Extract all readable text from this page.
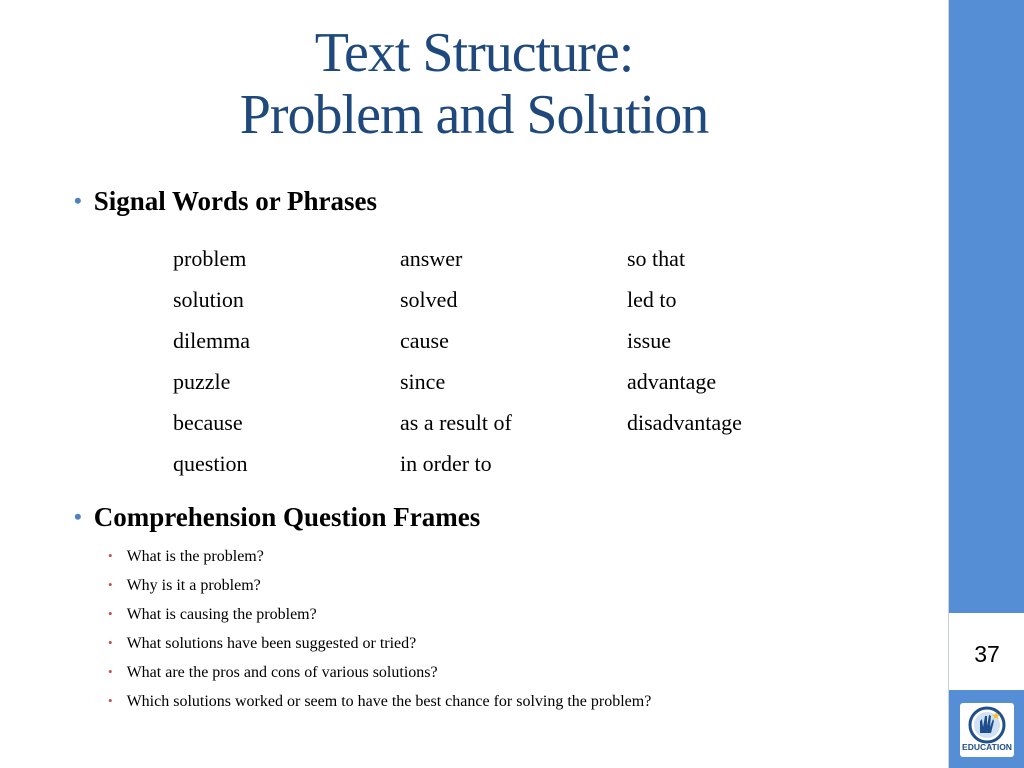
Text Structure:
Problem and Solution
• Signal Words or Phrases
problem	answer	so that
solution	solved	led to
dilemma	cause	issue
puzzle	since	advantage
because	as a result of	disadvantage
question	in order to
• Comprehension Question Frames
• What is the problem?
• Why is it a problem?
• What is causing the problem?
• What solutions have been suggested or tried?
• What are the pros and cons of various solutions?
• Which solutions worked or seem to have the best chance for solving the problem?
37
EDUCATION
